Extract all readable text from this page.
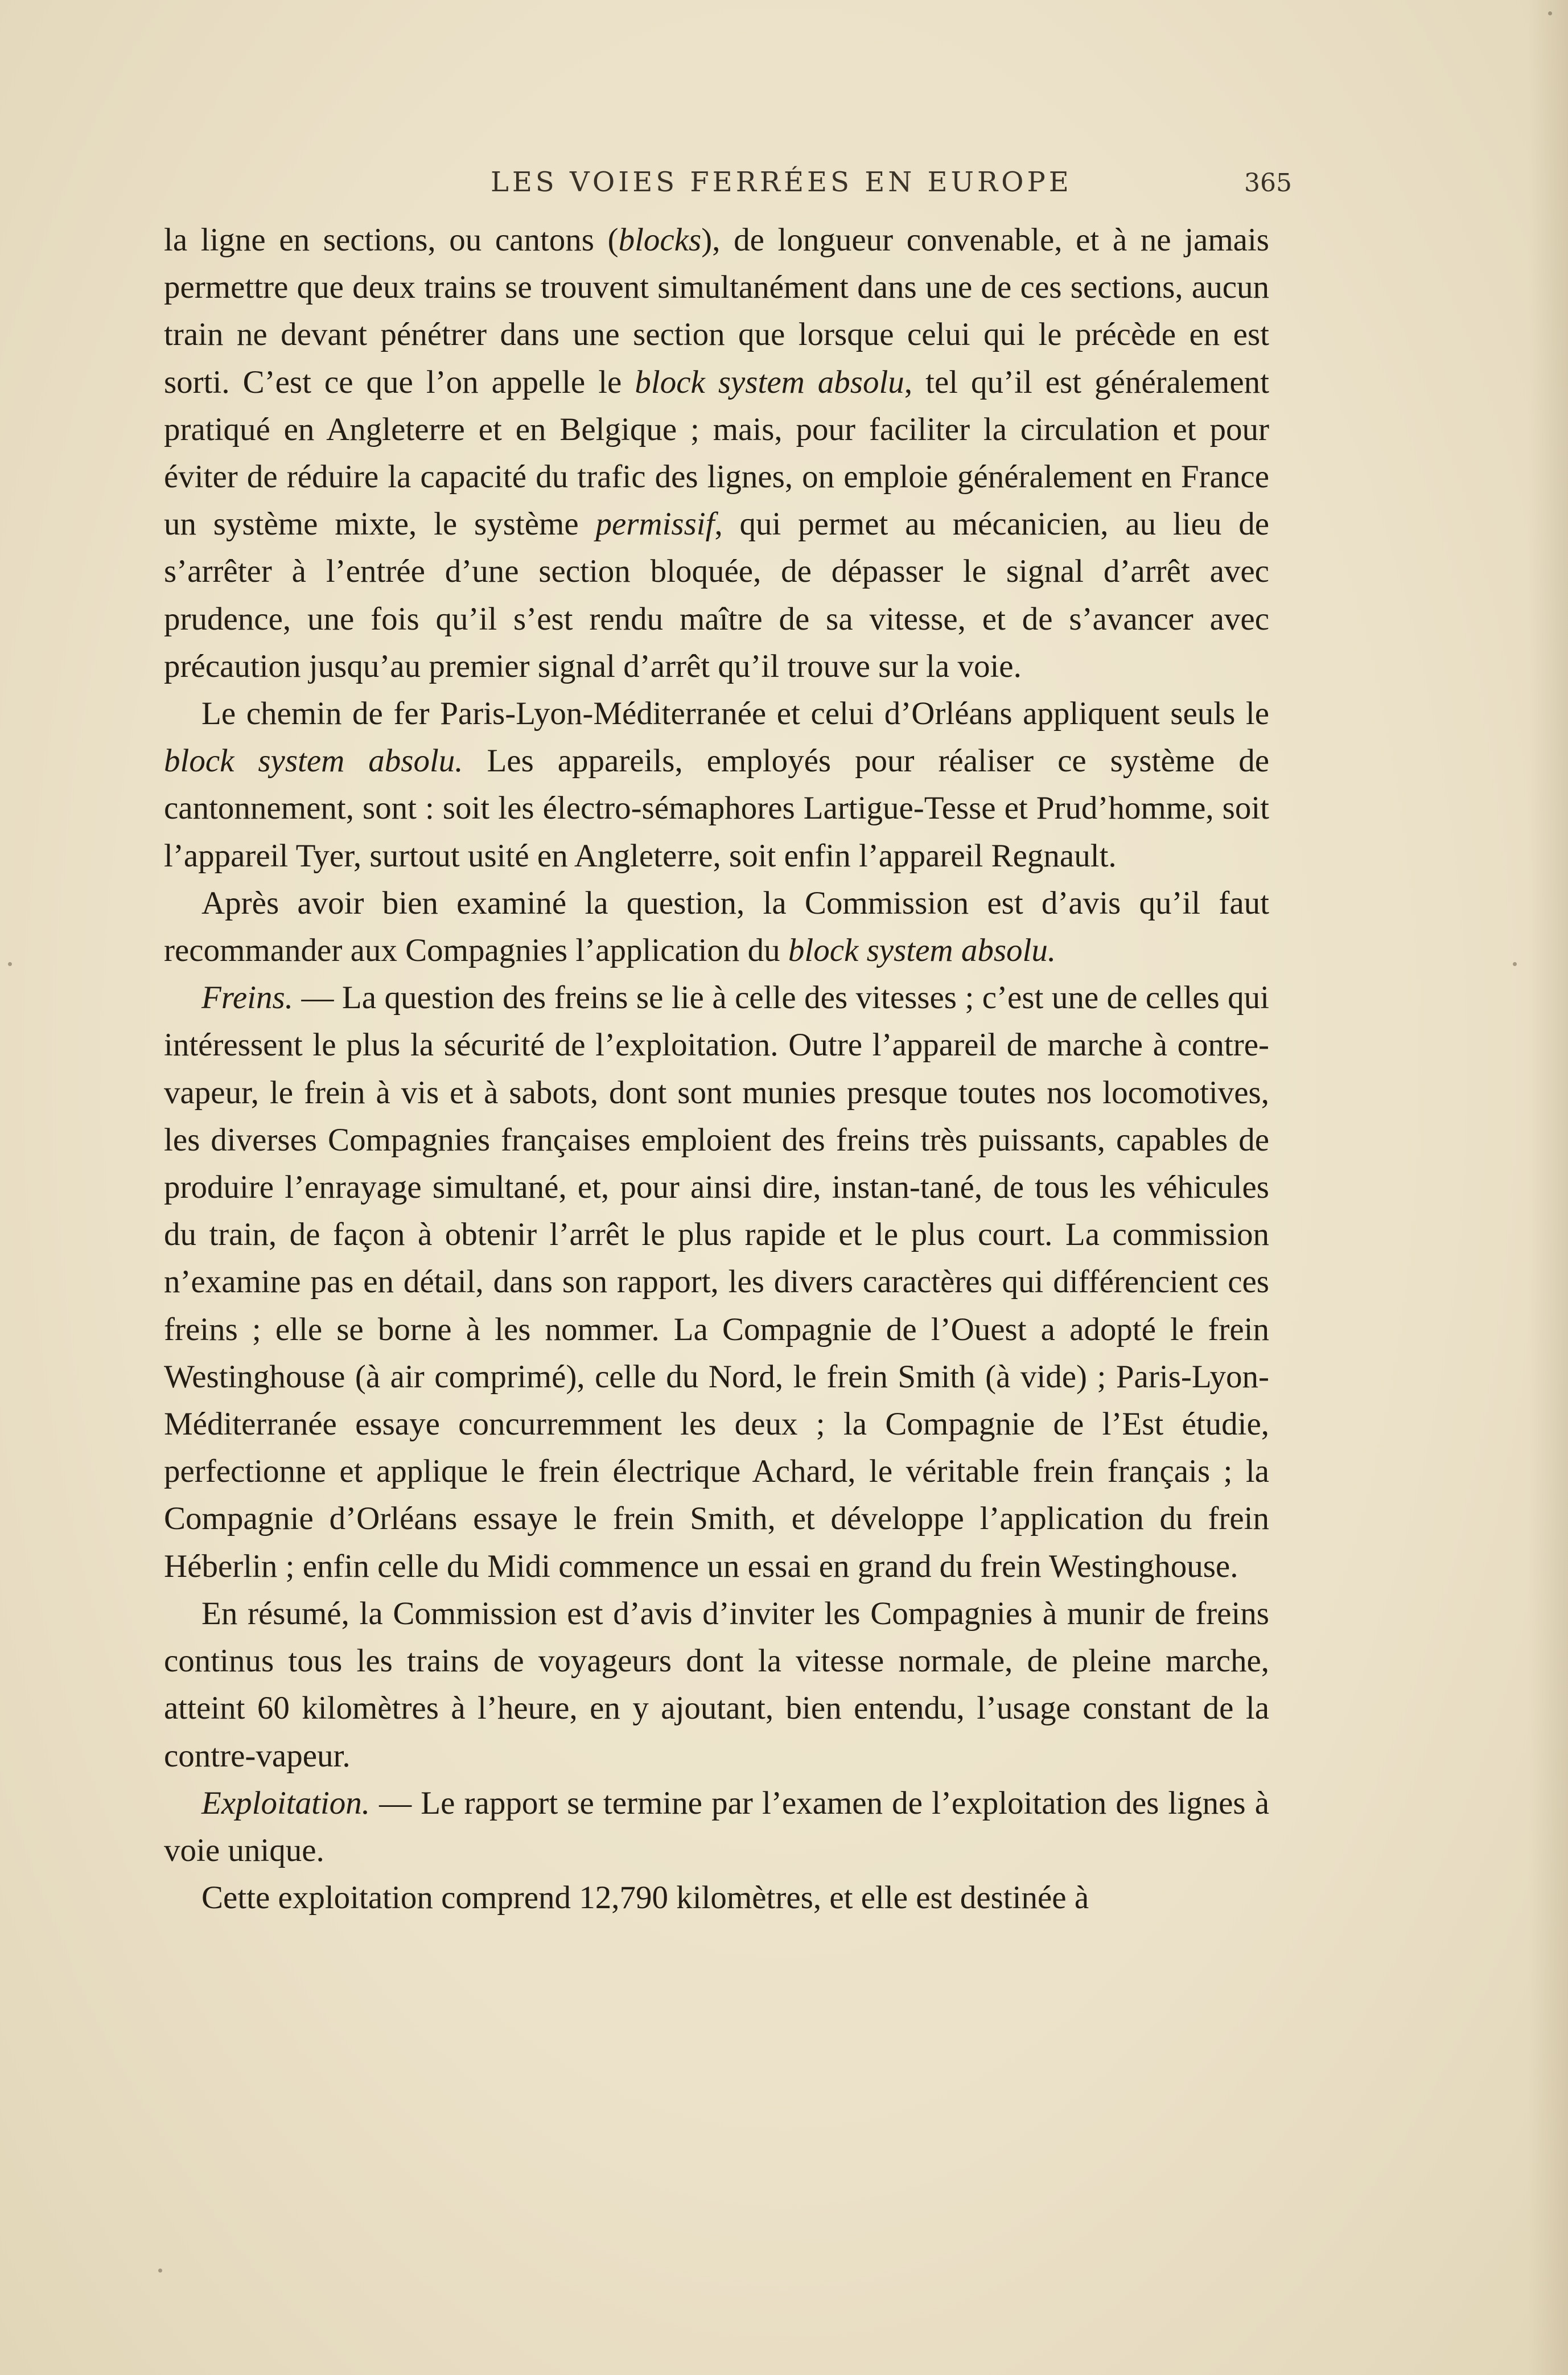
LES VOIES FERRÉES EN EUROPE	365

la ligne en sections, ou cantons (blocks), de longueur convenable, et à ne jamais permettre que deux trains se trouvent simultanément dans une de ces sections, aucun train ne devant pénétrer dans une section que lorsque celui qui le précède en est sorti. C’est ce que l’on appelle le block system absolu, tel qu’il est généralement pratiqué en Angleterre et en Belgique ; mais, pour faciliter la circulation et pour éviter de réduire la capacité du trafic des lignes, on emploie généralement en France un système mixte, le système permissif, qui permet au mécanicien, au lieu de s’arrêter à l’entrée d’une section bloquée, de dépasser le signal d’arrêt avec prudence, une fois qu’il s’est rendu maître de sa vitesse, et de s’avancer avec précaution jusqu’au premier signal d’arrêt qu’il trouve sur la voie.

Le chemin de fer Paris-Lyon-Méditerranée et celui d’Orléans appliquent seuls le block system absolu. Les appareils, employés pour réaliser ce système de cantonnement, sont : soit les électro-sémaphores Lartigue-Tesse et Prud’homme, soit l’appareil Tyer, surtout usité en Angleterre, soit enfin l’appareil Regnault.

Après avoir bien examiné la question, la Commission est d’avis qu’il faut recommander aux Compagnies l’application du block system absolu.

Freins. — La question des freins se lie à celle des vitesses ; c’est une de celles qui intéressent le plus la sécurité de l’exploitation. Outre l’appareil de marche à contre-vapeur, le frein à vis et à sabots, dont sont munies presque toutes nos locomotives, les diverses Compagnies françaises emploient des freins très puissants, capables de produire l’enrayage simultané, et, pour ainsi dire, instan-tané, de tous les véhicules du train, de façon à obtenir l’arrêt le plus rapide et le plus court. La commission n’examine pas en détail, dans son rapport, les divers caractères qui différencient ces freins ; elle se borne à les nommer. La Compagnie de l’Ouest a adopté le frein Westinghouse (à air comprimé), celle du Nord, le frein Smith (à vide) ; Paris-Lyon-Méditerranée essaye concurremment les deux ; la Compagnie de l’Est étudie, perfectionne et applique le frein électrique Achard, le véritable frein français ; la Compagnie d’Orléans essaye le frein Smith, et développe l’application du frein Héberlin ; enfin celle du Midi commence un essai en grand du frein Westinghouse.

En résumé, la Commission est d’avis d’inviter les Compagnies à munir de freins continus tous les trains de voyageurs dont la vitesse normale, de pleine marche, atteint 60 kilomètres à l’heure, en y ajoutant, bien entendu, l’usage constant de la contre-vapeur.

Exploitation. — Le rapport se termine par l’examen de l’exploitation des lignes à voie unique.

Cette exploitation comprend 12,790 kilomètres, et elle est destinée à
